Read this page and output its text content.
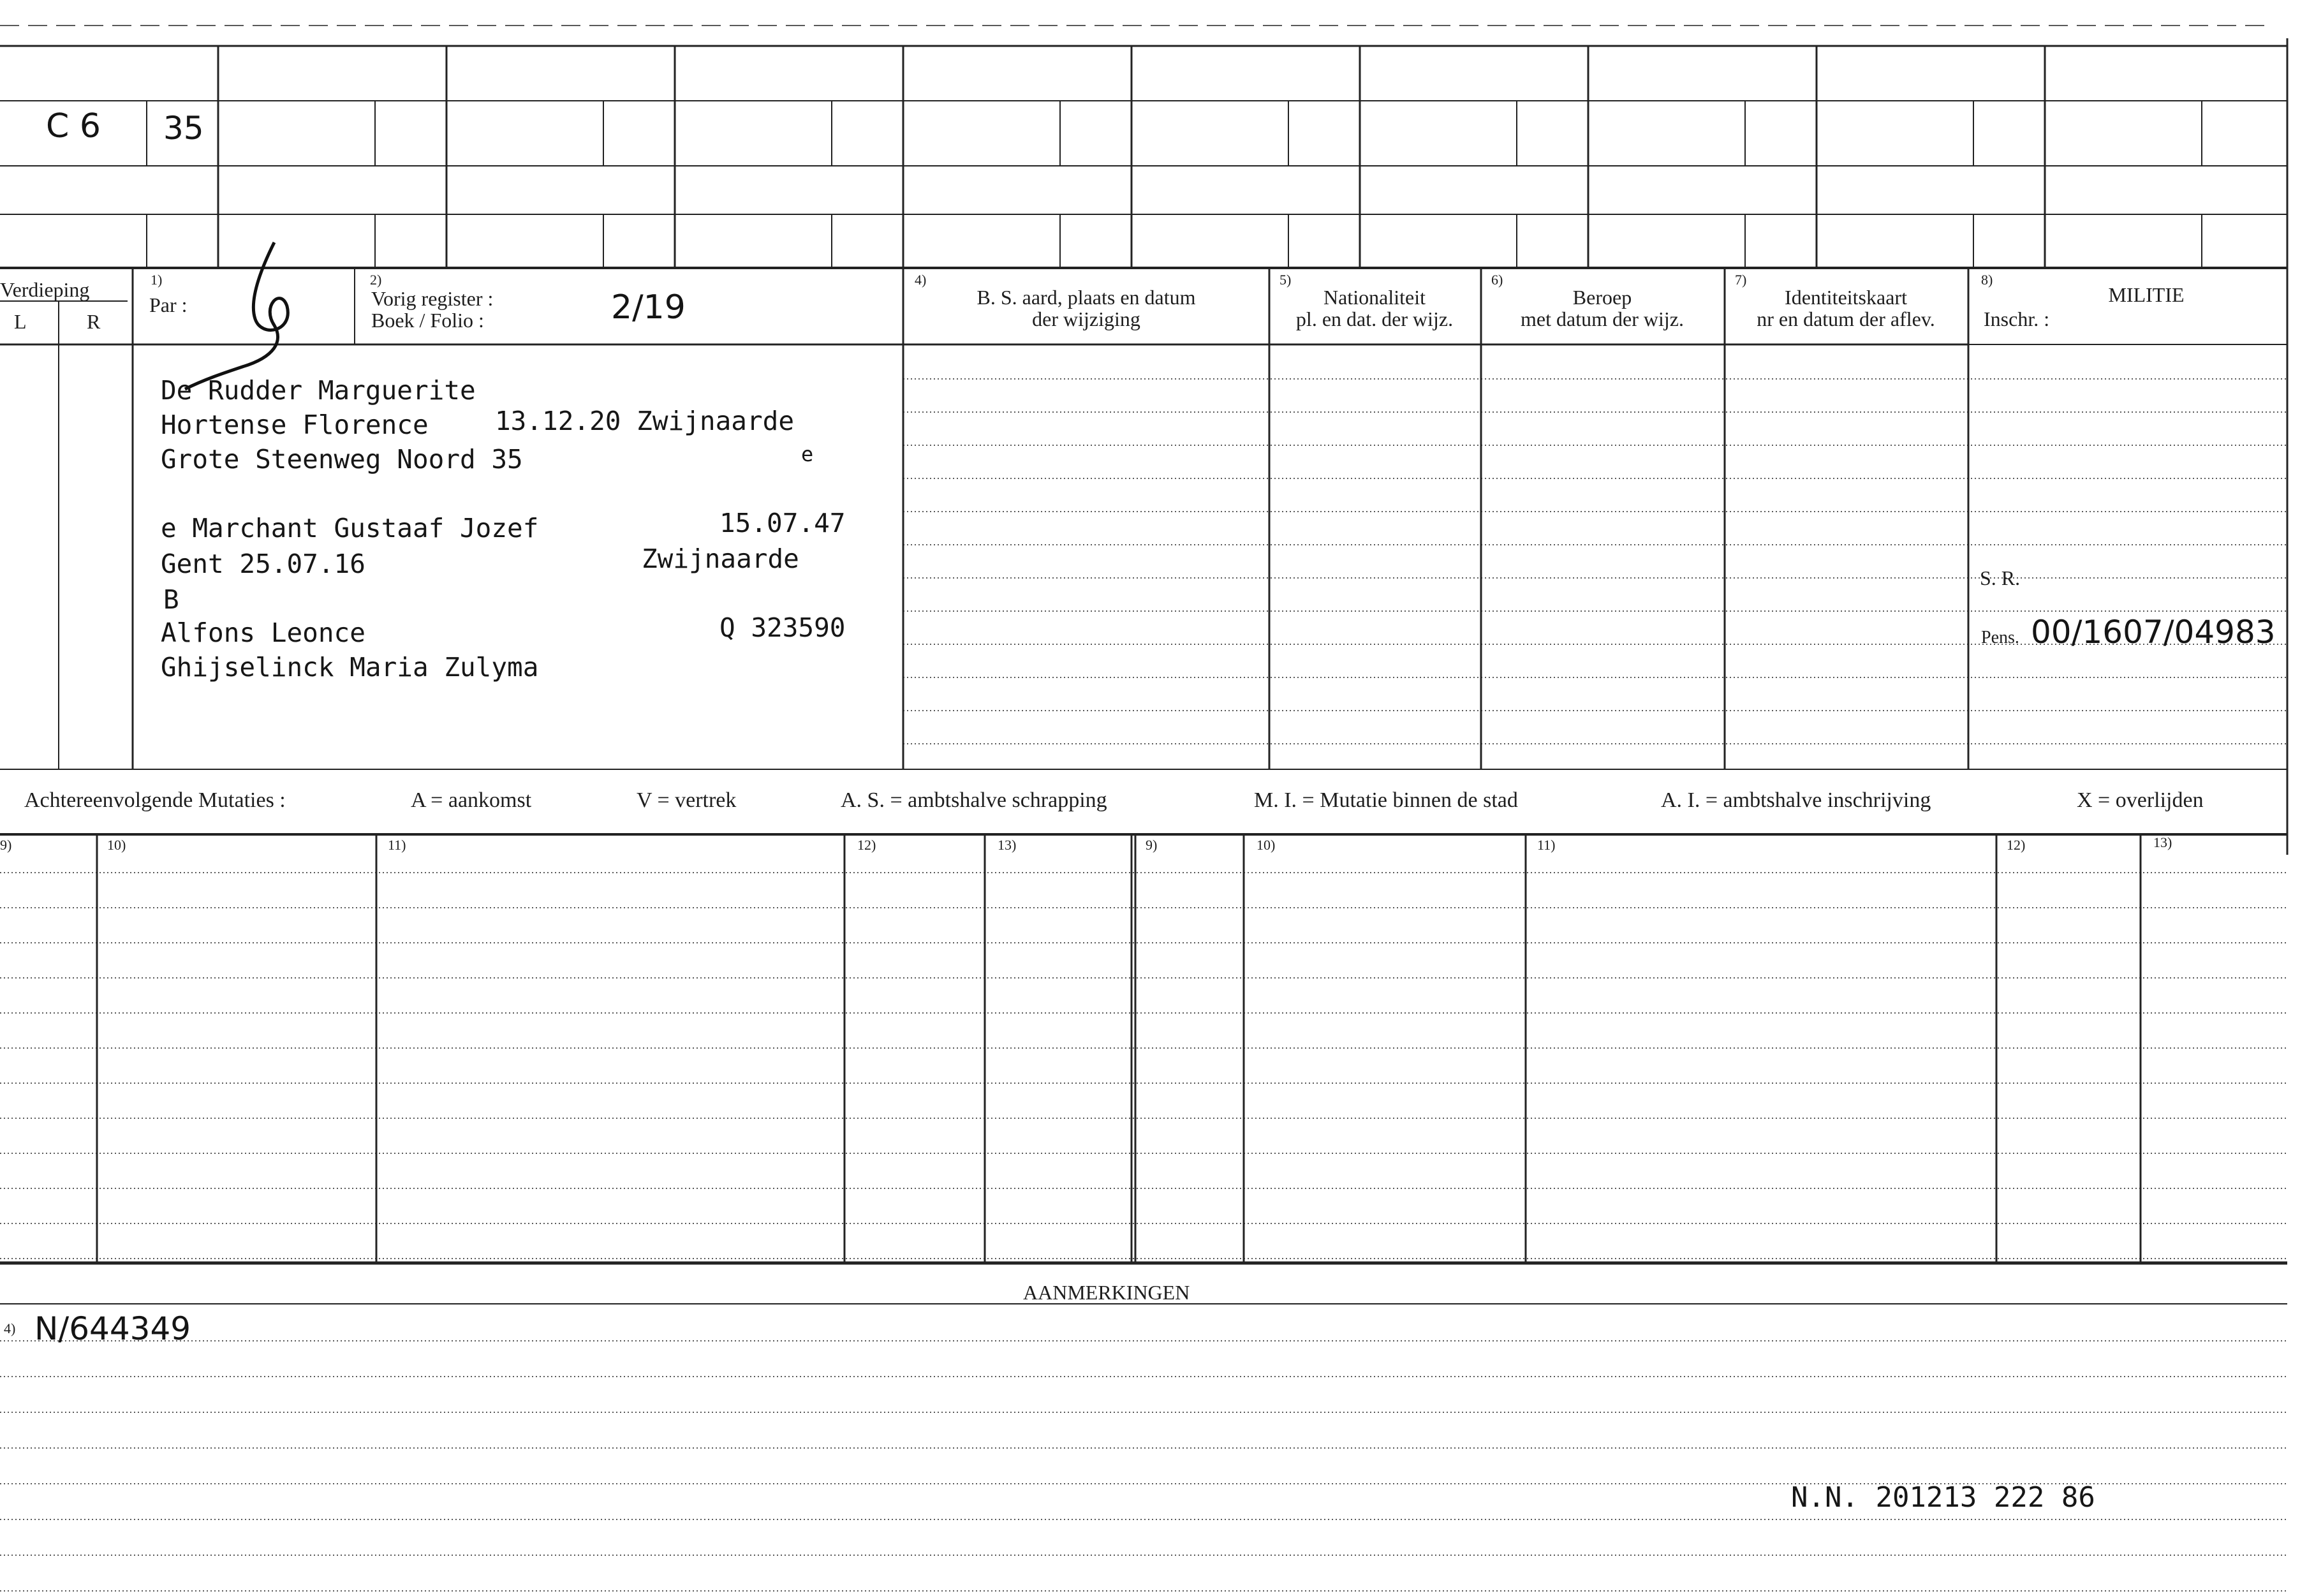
C 6 35
Verdieping
L	R
1)
Par :
2)
Vorig register :
Boek / Folio :	2/19
4)
B. S. aard, plaats en datum
der wijziging
5)
Nationaliteit
pl. en dat. der wijz.
6)
Beroep
met datum der wijz.
7)
Identiteitskaart
nr en datum der aflev.
8)
MILITIE
Inschr. :
S. R.
Pens. 00/1607/04983
De Rudder Marguerite
Hortense Florence	13.12.20 Zwijnaarde
Grote Steenweg Noord 35	e
e Marchant Gustaaf Jozef	15.07.47
Gent 25.07.16	Zwijnaarde
B
Alfons Leonce	Q 323590
Ghijselinck Maria Zulyma
Achtereenvolgende Mutaties :	A = aankomst	V = vertrek	A. S. = ambtshalve schrapping	M. I. = Mutatie binnen de stad	A. I. = ambtshalve inschrijving	X = overlijden
9)	10)	11)	12)	13)	9)	10)	11)	12)	13)
AANMERKINGEN
4) N/644349
N.N. 201213 222 86
